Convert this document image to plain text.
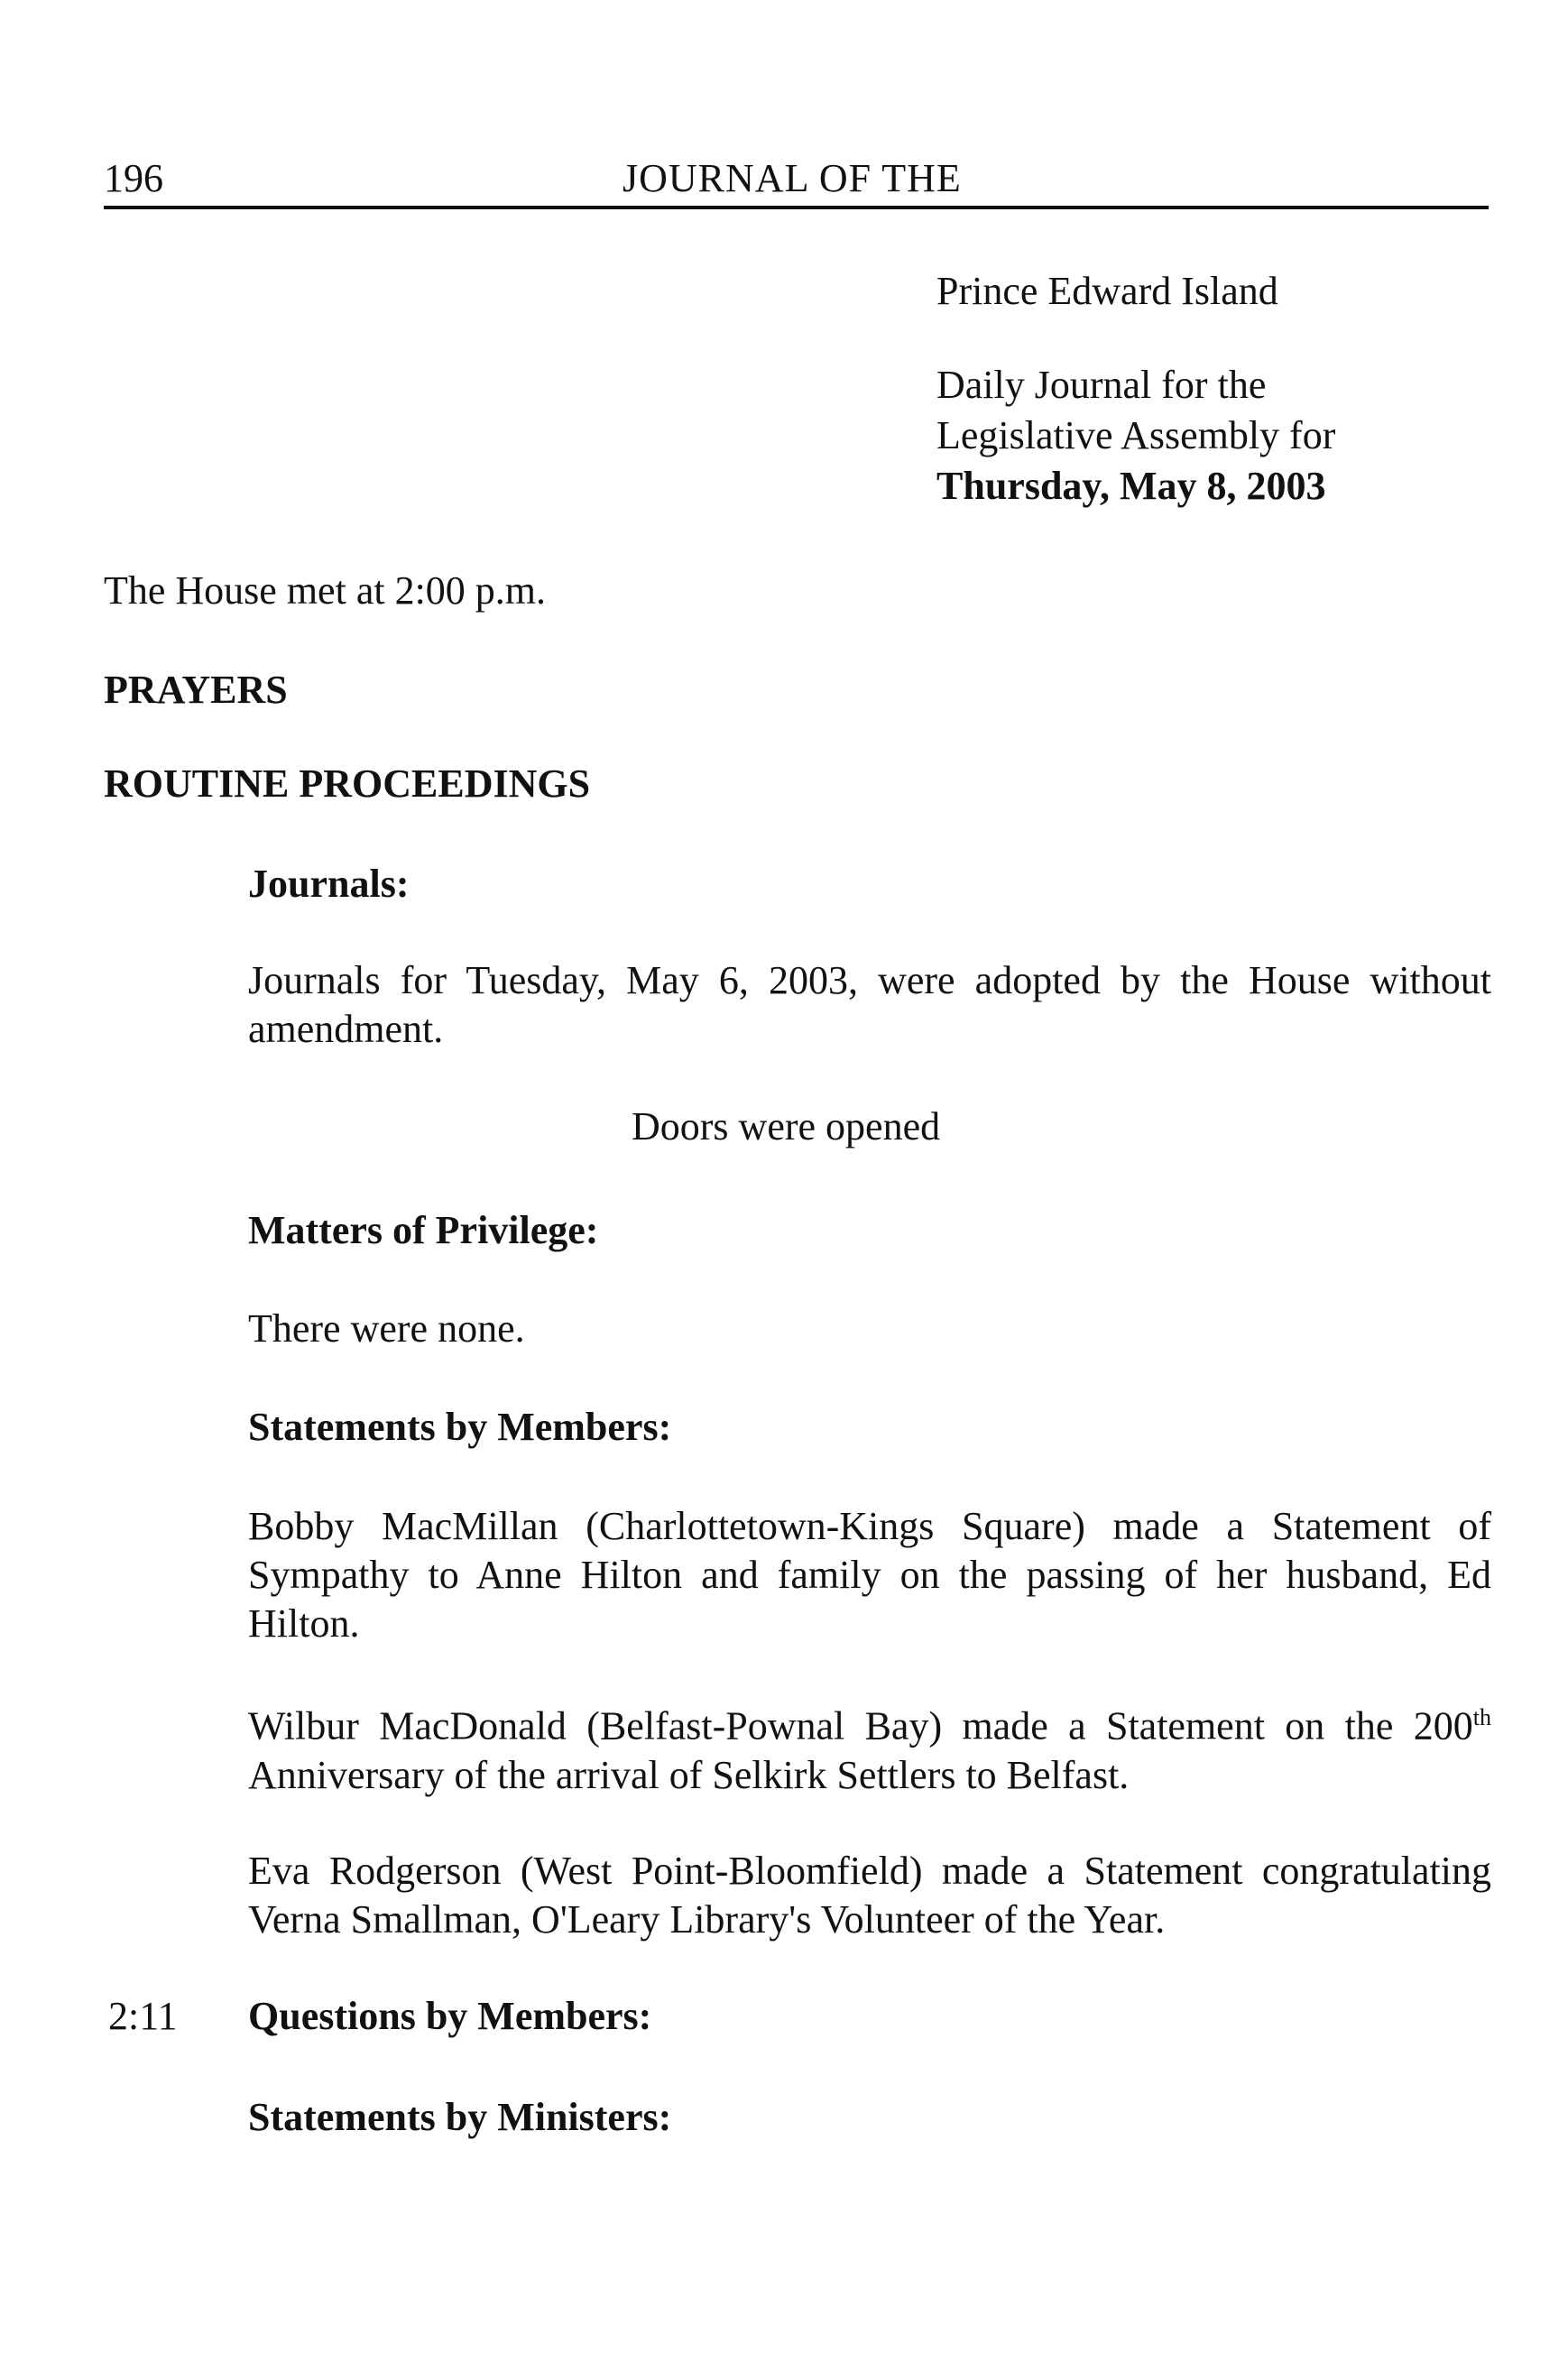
196	JOURNAL OF THE
Prince Edward Island
Daily Journal for the
Legislative Assembly for
Thursday, May 8, 2003
The House met at 2:00 p.m.
PRAYERS
ROUTINE PROCEEDINGS
Journals:

Journals for Tuesday, May 6, 2003, were adopted by the House without amendment.

Doors were opened
Matters of Privilege:
There were none.
Statements by Members:

Bobby MacMillan (Charlottetown-Kings Square) made a Statement of Sympathy to Anne Hilton and family on the passing of her husband, Ed Hilton.

Wilbur MacDonald (Belfast-Pownal Bay) made a Statement on the 200th Anniversary of the arrival of Selkirk Settlers to Belfast.

Eva Rodgerson (West Point-Bloomfield) made a Statement congratulating Verna Smallman, O'Leary Library's Volunteer of the Year.

2:11 Questions by Members:
Statements by Ministers:
